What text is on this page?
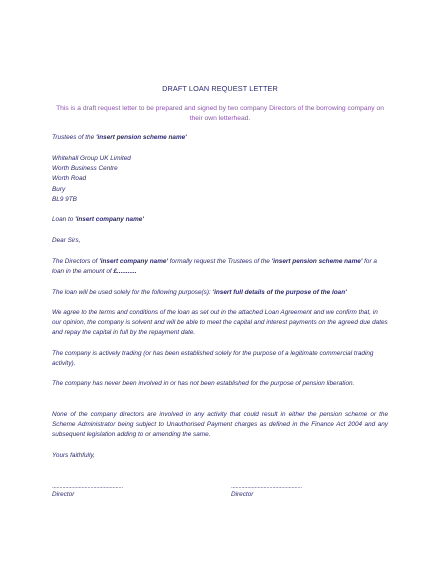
DRAFT LOAN REQUEST LETTER
This is a draft request letter to be prepared and signed by two company Directors of the borrowing company on their own letterhead.
Trustees of the 'insert pension scheme name'
Whitehall Group UK Limited
Worth Business Centre
Worth Road
Bury
BL9 9TB
Loan to 'insert company name'
Dear Sirs,
The Directors of 'insert company name' formally request the Trustees of the 'insert pension scheme name' for a loan in the amount of £...........
The loan will be used solely for the following purpose(s): 'insert full details of the purpose of the loan'
We agree to the terms and conditions of the loan as set out in the attached Loan Agreement and we confirm that, in our opinion, the company is solvent and will be able to meet the capital and interest payments on the agreed due dates and repay the capital in full by the repayment date.
The company is actively trading (or has been established solely for the purpose of a legitimate commercial trading activity).
The company has never been involved in or has not been established for the purpose of pension liberation.
None of the company directors are involved in any activity that could result in either the pension scheme or the Scheme Administrator being subject to Unauthorised Payment charges as defined in the Finance Act 2004 and any subsequent legislation adding to or amending the same.
Yours faithfully,
................................................
Director
................................................
Director
